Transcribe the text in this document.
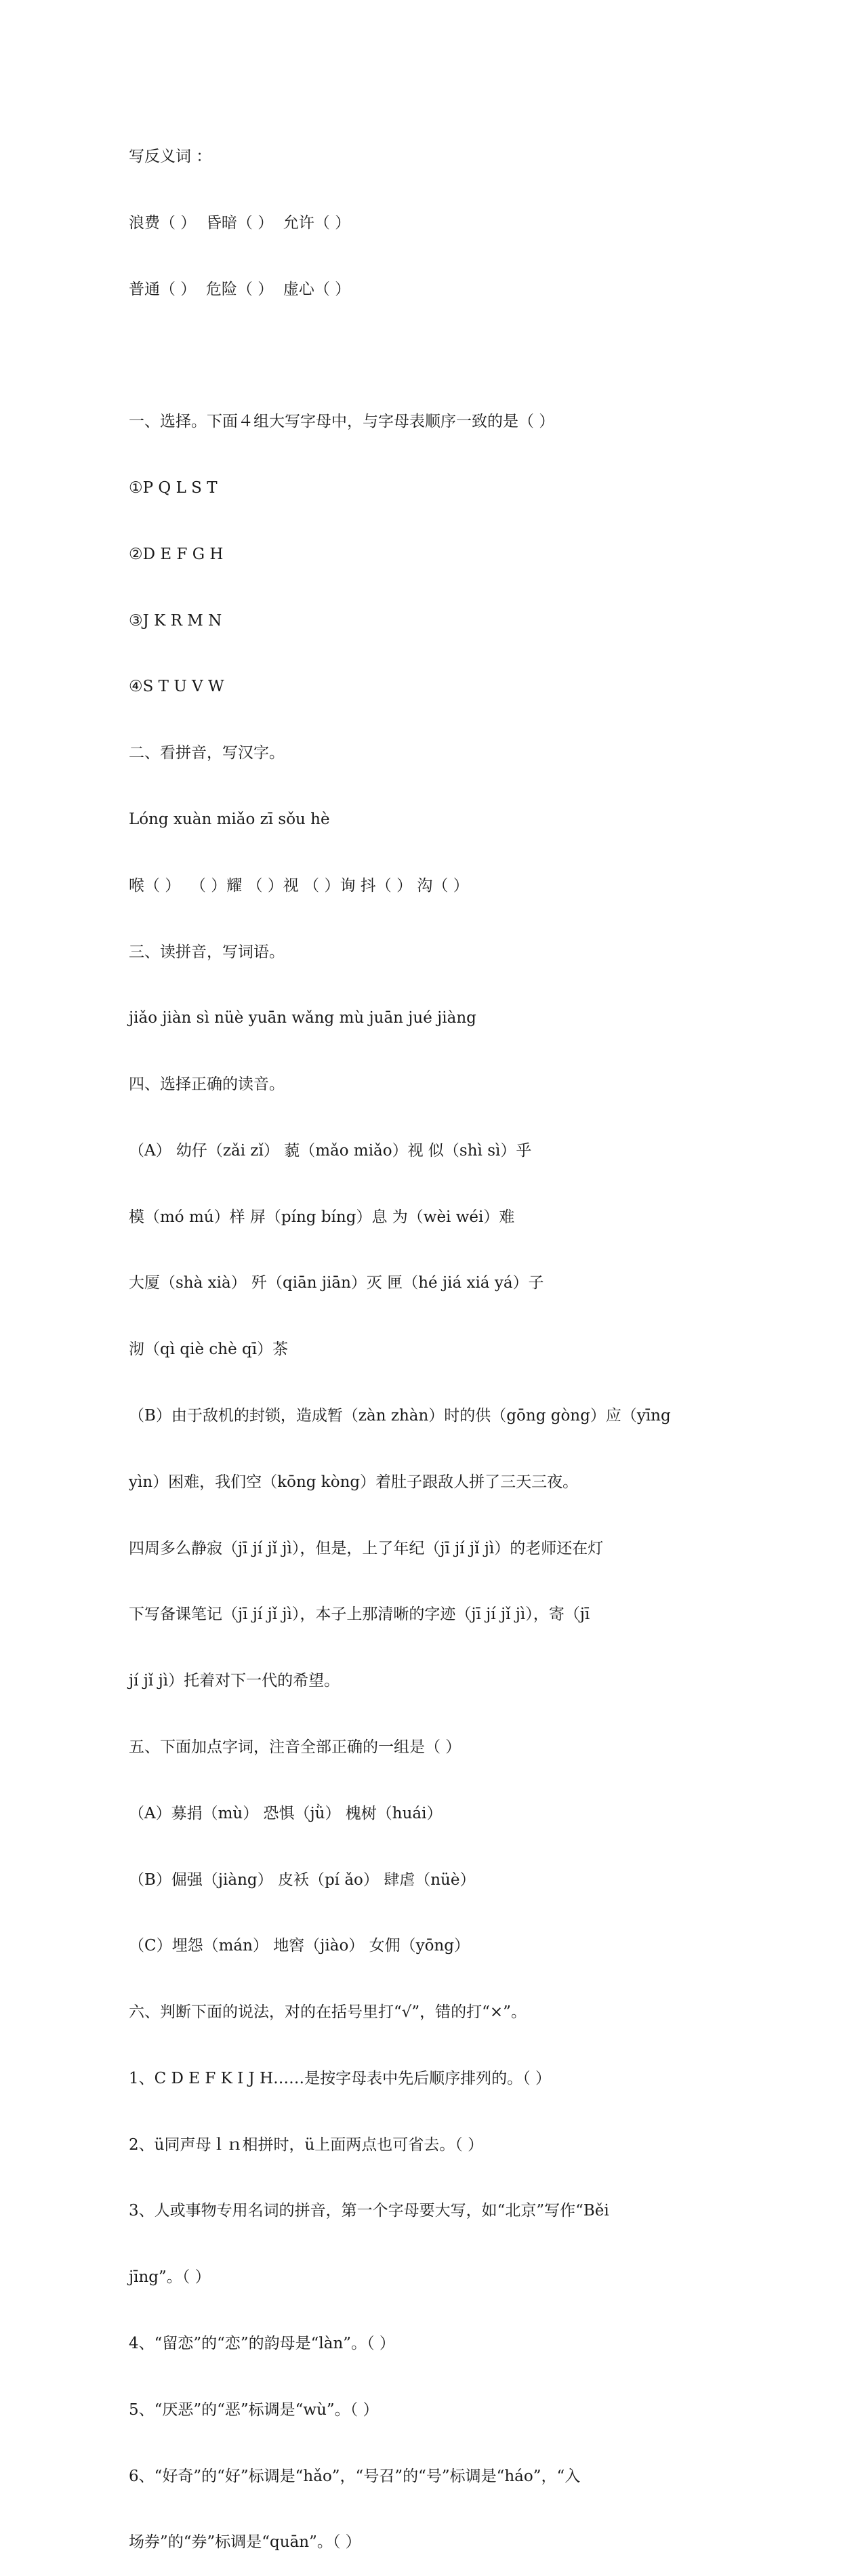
写反义词 ：

浪费（ ）  昏暗（ ）  允许（ ）

普通（ ）  危险（ ）  虚心（ ）

一、选择。下面４组大写字母中，与字母表顺序一致的是（ ）

①P Q L S T

②D E F G H

③J K R M N

④S T U V W

二、看拼音，写汉字。

Lóng xuàn miǎo zī sǒu hè

喉（ ）  （ ）耀 （ ）视 （ ）询 抖（ ） 沟（ ）

三、读拼音，写词语。

jiǎo jiàn sì nüè yuān wǎng mù juān jué jiàng

四、选择正确的读音。

（A） 幼仔（zǎi zǐ） 藐（mǎo miǎo）视 似（shì sì）乎

模（mó mú）样 屏（píng bíng）息 为（wèi wéi）难

大厦（shà xià） 歼（qiān jiān）灭 匣（hé jiá xiá yá）子

沏（qì qiè chè qī）茶

（B）由于敌机的封锁，造成暂（zàn zhàn）时的供（gōng gòng）应（yīng

yìn）困难，我们空（kōng kòng）着肚子跟敌人拼了三天三夜。

四周多么静寂（jī jí jǐ jì），但是，上了年纪（jī jí jǐ jì）的老师还在灯

下写备课笔记（jī jí jǐ jì），本子上那清晰的字迹（jī jí jǐ jì），寄（jī

jí jǐ jì）托着对下一代的希望。

五、下面加点字词，注音全部正确的一组是（ ）

（A）募捐（mù） 恐惧（jǜ） 槐树（huái）

（B）倔强（jiàng） 皮袄（pí ǎo） 肆虐（nüè）

（C）埋怨（mán） 地窖（jiào） 女佣（yōng）

六、判断下面的说法，对的在括号里打“√”，错的打“×”。

1、C D E F K I J H……是按字母表中先后顺序排列的。（ ）

2、ü同声母ｌｎ相拼时，ü上面两点也可省去。（ ）

3、人或事物专用名词的拼音，第一个字母要大写，如“北京”写作“Běi

jīng”。（ ）

4、“留恋”的“恋”的韵母是“làn”。（ ）

5、“厌恶”的“恶”标调是“wù”。（ ）

6、“好奇”的“好”标调是“hǎo”，“号召”的“号”标调是“háo”，“入

场券”的“券”标调是“quān”。（ ）
